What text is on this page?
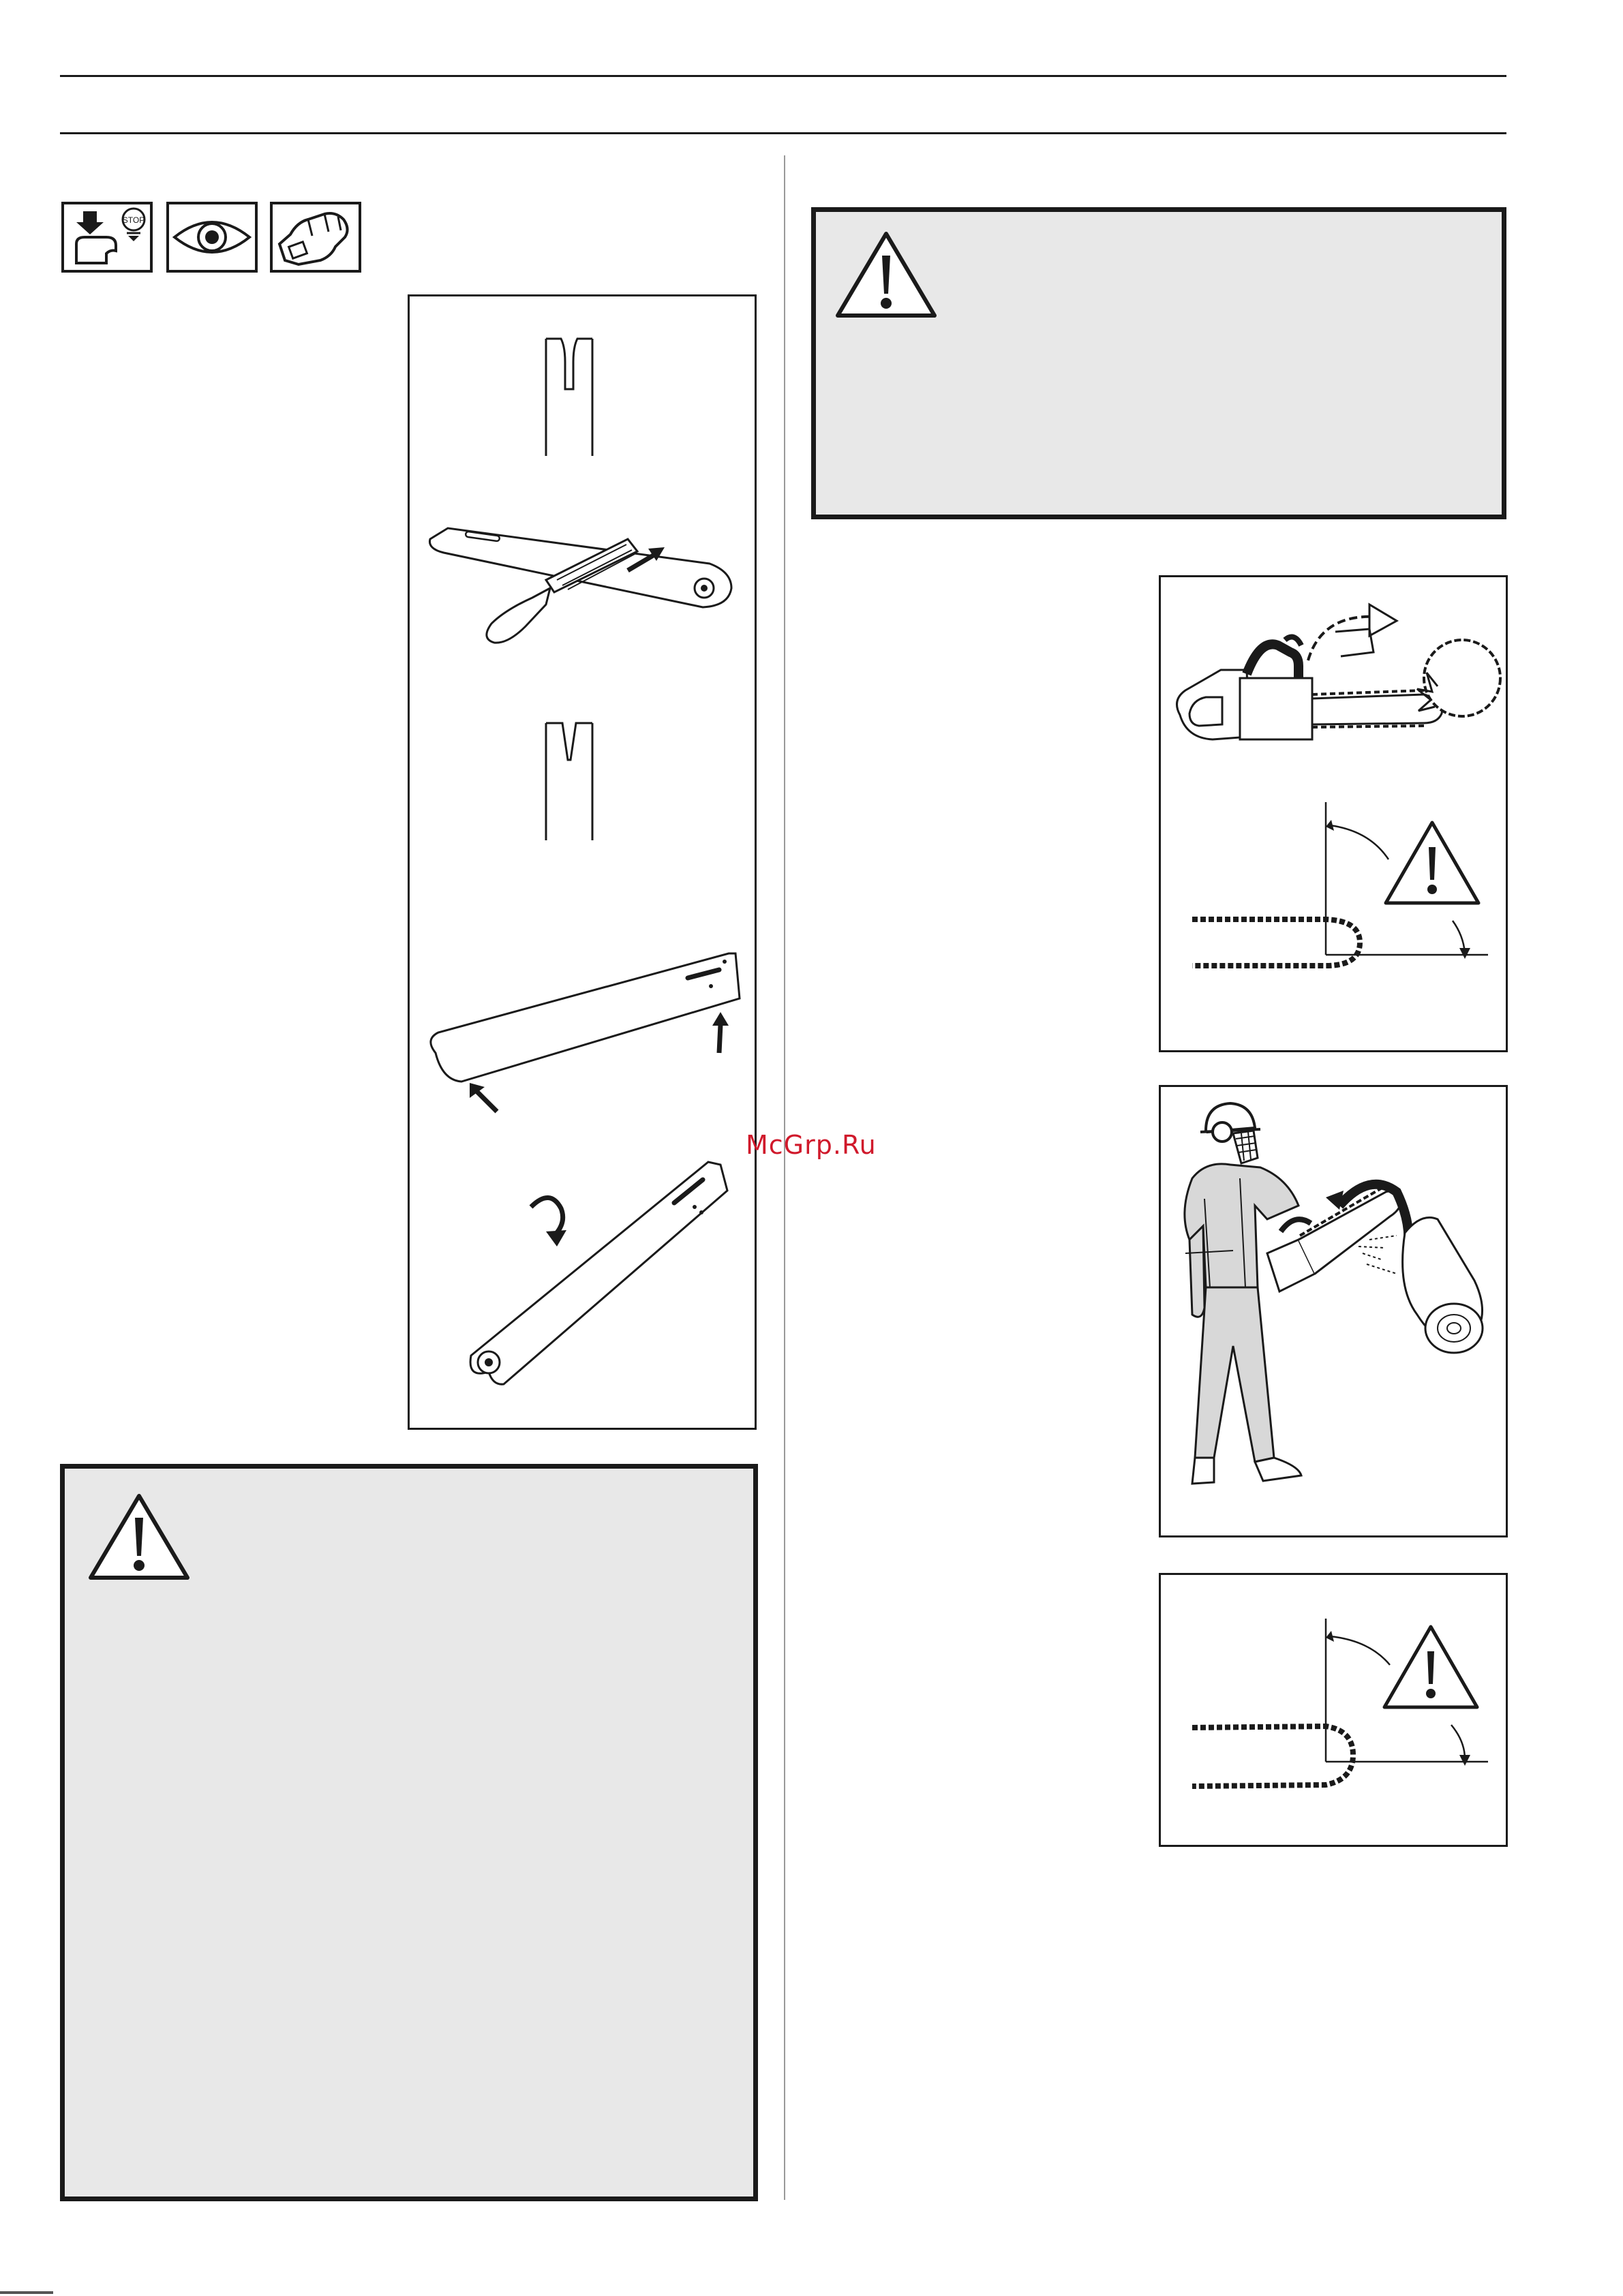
STOP
McGrp.Ru
